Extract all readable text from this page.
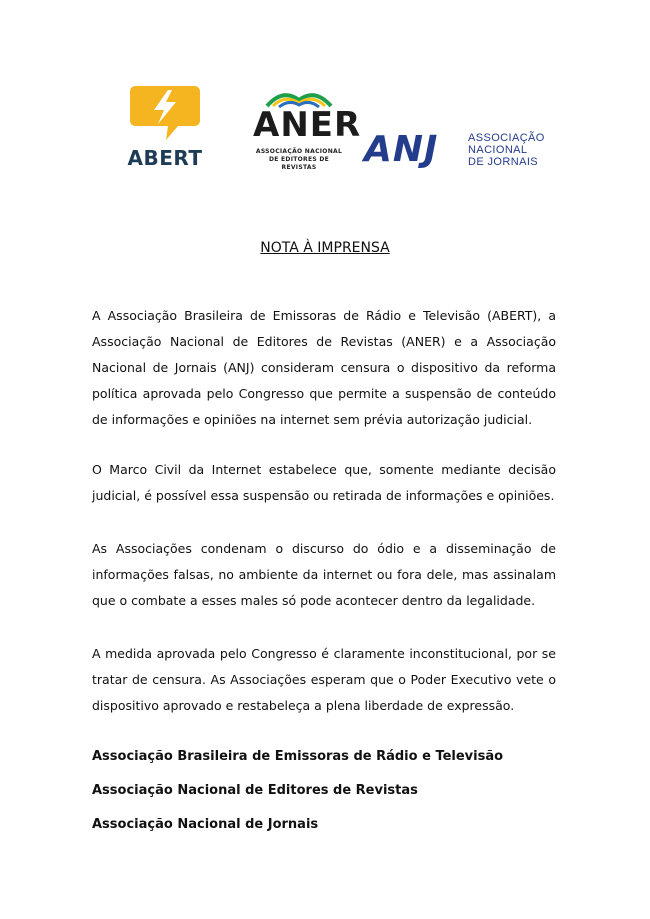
ABERT
ANER
ASSOCIAÇÃO NACIONAL
DE EDITORES DE REVISTAS	ANJ	ASSOCIAÇÃO
NACIONAL
DE JORNAIS
NOTA À IMPRENSA

A Associação Brasileira de Emissoras de Rádio e Televisão (ABERT), a Associação Nacional de Editores de Revistas (ANER) e a Associação Nacional de Jornais (ANJ) consideram censura o dispositivo da reforma política aprovada pelo Congresso que permite a suspensão de conteúdo de informações e opiniões na internet sem prévia autorização judicial.

O Marco Civil da Internet estabelece que, somente mediante decisão judicial, é possível essa suspensão ou retirada de informações e opiniões.

As Associações condenam o discurso do ódio e a disseminação de informações falsas, no ambiente da internet ou fora dele, mas assinalam que o combate a esses males só pode acontecer dentro da legalidade.

A medida aprovada pelo Congresso é claramente inconstitucional, por se tratar de censura. As Associações esperam que o Poder Executivo vete o dispositivo aprovado e restabeleça a plena liberdade de expressão.

Associação Brasileira de Emissoras de Rádio e Televisão
Associação Nacional de Editores de Revistas
Associação Nacional de Jornais
